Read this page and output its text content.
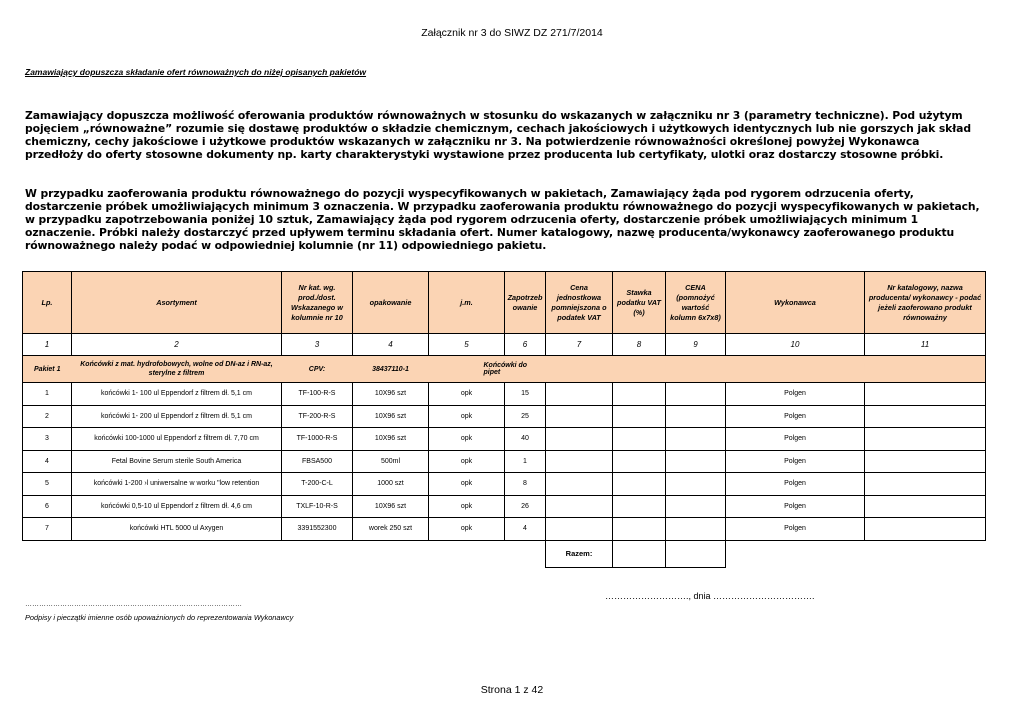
Załącznik nr 3 do SIWZ DZ 271/7/2014
Zamawiający dopuszcza składanie ofert równoważnych do niżej opisanych pakietów
Zamawiający dopuszcza możliwość oferowania produktów równoważnych w stosunku do wskazanych w załączniku nr 3 (parametry techniczne). Pod użytym pojęciem „równoważne” rozumie się dostawę produktów o składzie chemicznym, cechach jakościowych i użytkowych identycznych lub nie gorszych jak skład chemiczny, cechy jakościowe i użytkowe produktów wskazanych w załączniku nr 3. Na potwierdzenie równoważności określonej powyżej Wykonawca przedłoży do oferty stosowne dokumenty np. karty charakterystyki wystawione przez producenta lub certyfikaty, ulotki oraz dostarczy stosowne próbki.
W przypadku zaoferowania produktu równoważnego do pozycji wyspecyfikowanych w pakietach, Zamawiający żąda pod rygorem odrzucenia oferty, dostarczenie próbek umożliwiających minimum 3 oznaczenia. W przypadku zaoferowania produktu równoważnego do pozycji wyspecyfikowanych w pakietach, w przypadku zapotrzebowania poniżej 10 sztuk, Zamawiający żąda pod rygorem odrzucenia oferty, dostarczenie próbek umożliwiających minimum 1 oznaczenie. Próbki należy dostarczyć przed upływem terminu składania ofert. Numer katalogowy, nazwę producenta/wykonawcy zaoferowanego produktu równoważnego należy podać w odpowiedniej kolumnie (nr 11) odpowiedniego pakietu.
Lp.	Asortyment	Nr kat. wg. prod./dost. Wskazanego w kolumnie nr 10	opakowanie	j.m.	Zapotrzebowanie	Cena jednostkowa pomniejszona o podatek VAT	Stawka podatku VAT (%)	CENA (pomnożyć wartość kolumn 6x7x8)	Wykonawca	Nr katalogowy, nazwa producenta/ wykonawcy - podać jeżeli zaoferowano produkt równoważny
1	2	3	4	5	6	7	8	9	10	11
Pakiet 1	Końcówki z mat. hydrofobowych, wolne od DN-az i RN-az, sterylne z filtrem	CPV:	38437110-1	Końcówki do pipet						
1	końcówki 1- 100 ul Eppendorf z filtrem dł. 5,1 cm	TF-100-R-S	10X96 szt	opk	15				Polgen	
2	końcówki 1- 200 ul Eppendorf z filtrem dł. 5,1 cm	TF-200-R-S	10X96 szt	opk	25				Polgen	
3	końcówki 100-1000 ul Eppendorf z filtrem dł. 7,70 cm	TF-1000-R-S	10X96 szt	opk	40				Polgen	
4	Fetal Bovine Serum sterile South America	FBSA500	500ml	opk	1				Polgen	
5	końcówki 1-200 ›l uniwersalne w worku "low retention	T-200-C-L	1000 szt	opk	8				Polgen	
6	końcówki 0,5-10 ul Eppendorf z filtrem dł. 4,6 cm	TXLF-10-R-S	10X96 szt	opk	26				Polgen	
7	końcówki HTL 5000 ul Axygen	3391552300	worek 250 szt	opk	4				Polgen	
						Razem:				
………………………., dnia …………………………….
…………………………………………………………………………………
Podpisy i pieczątki imienne osób upoważnionych do reprezentowania Wykonawcy
Strona 1 z 42
